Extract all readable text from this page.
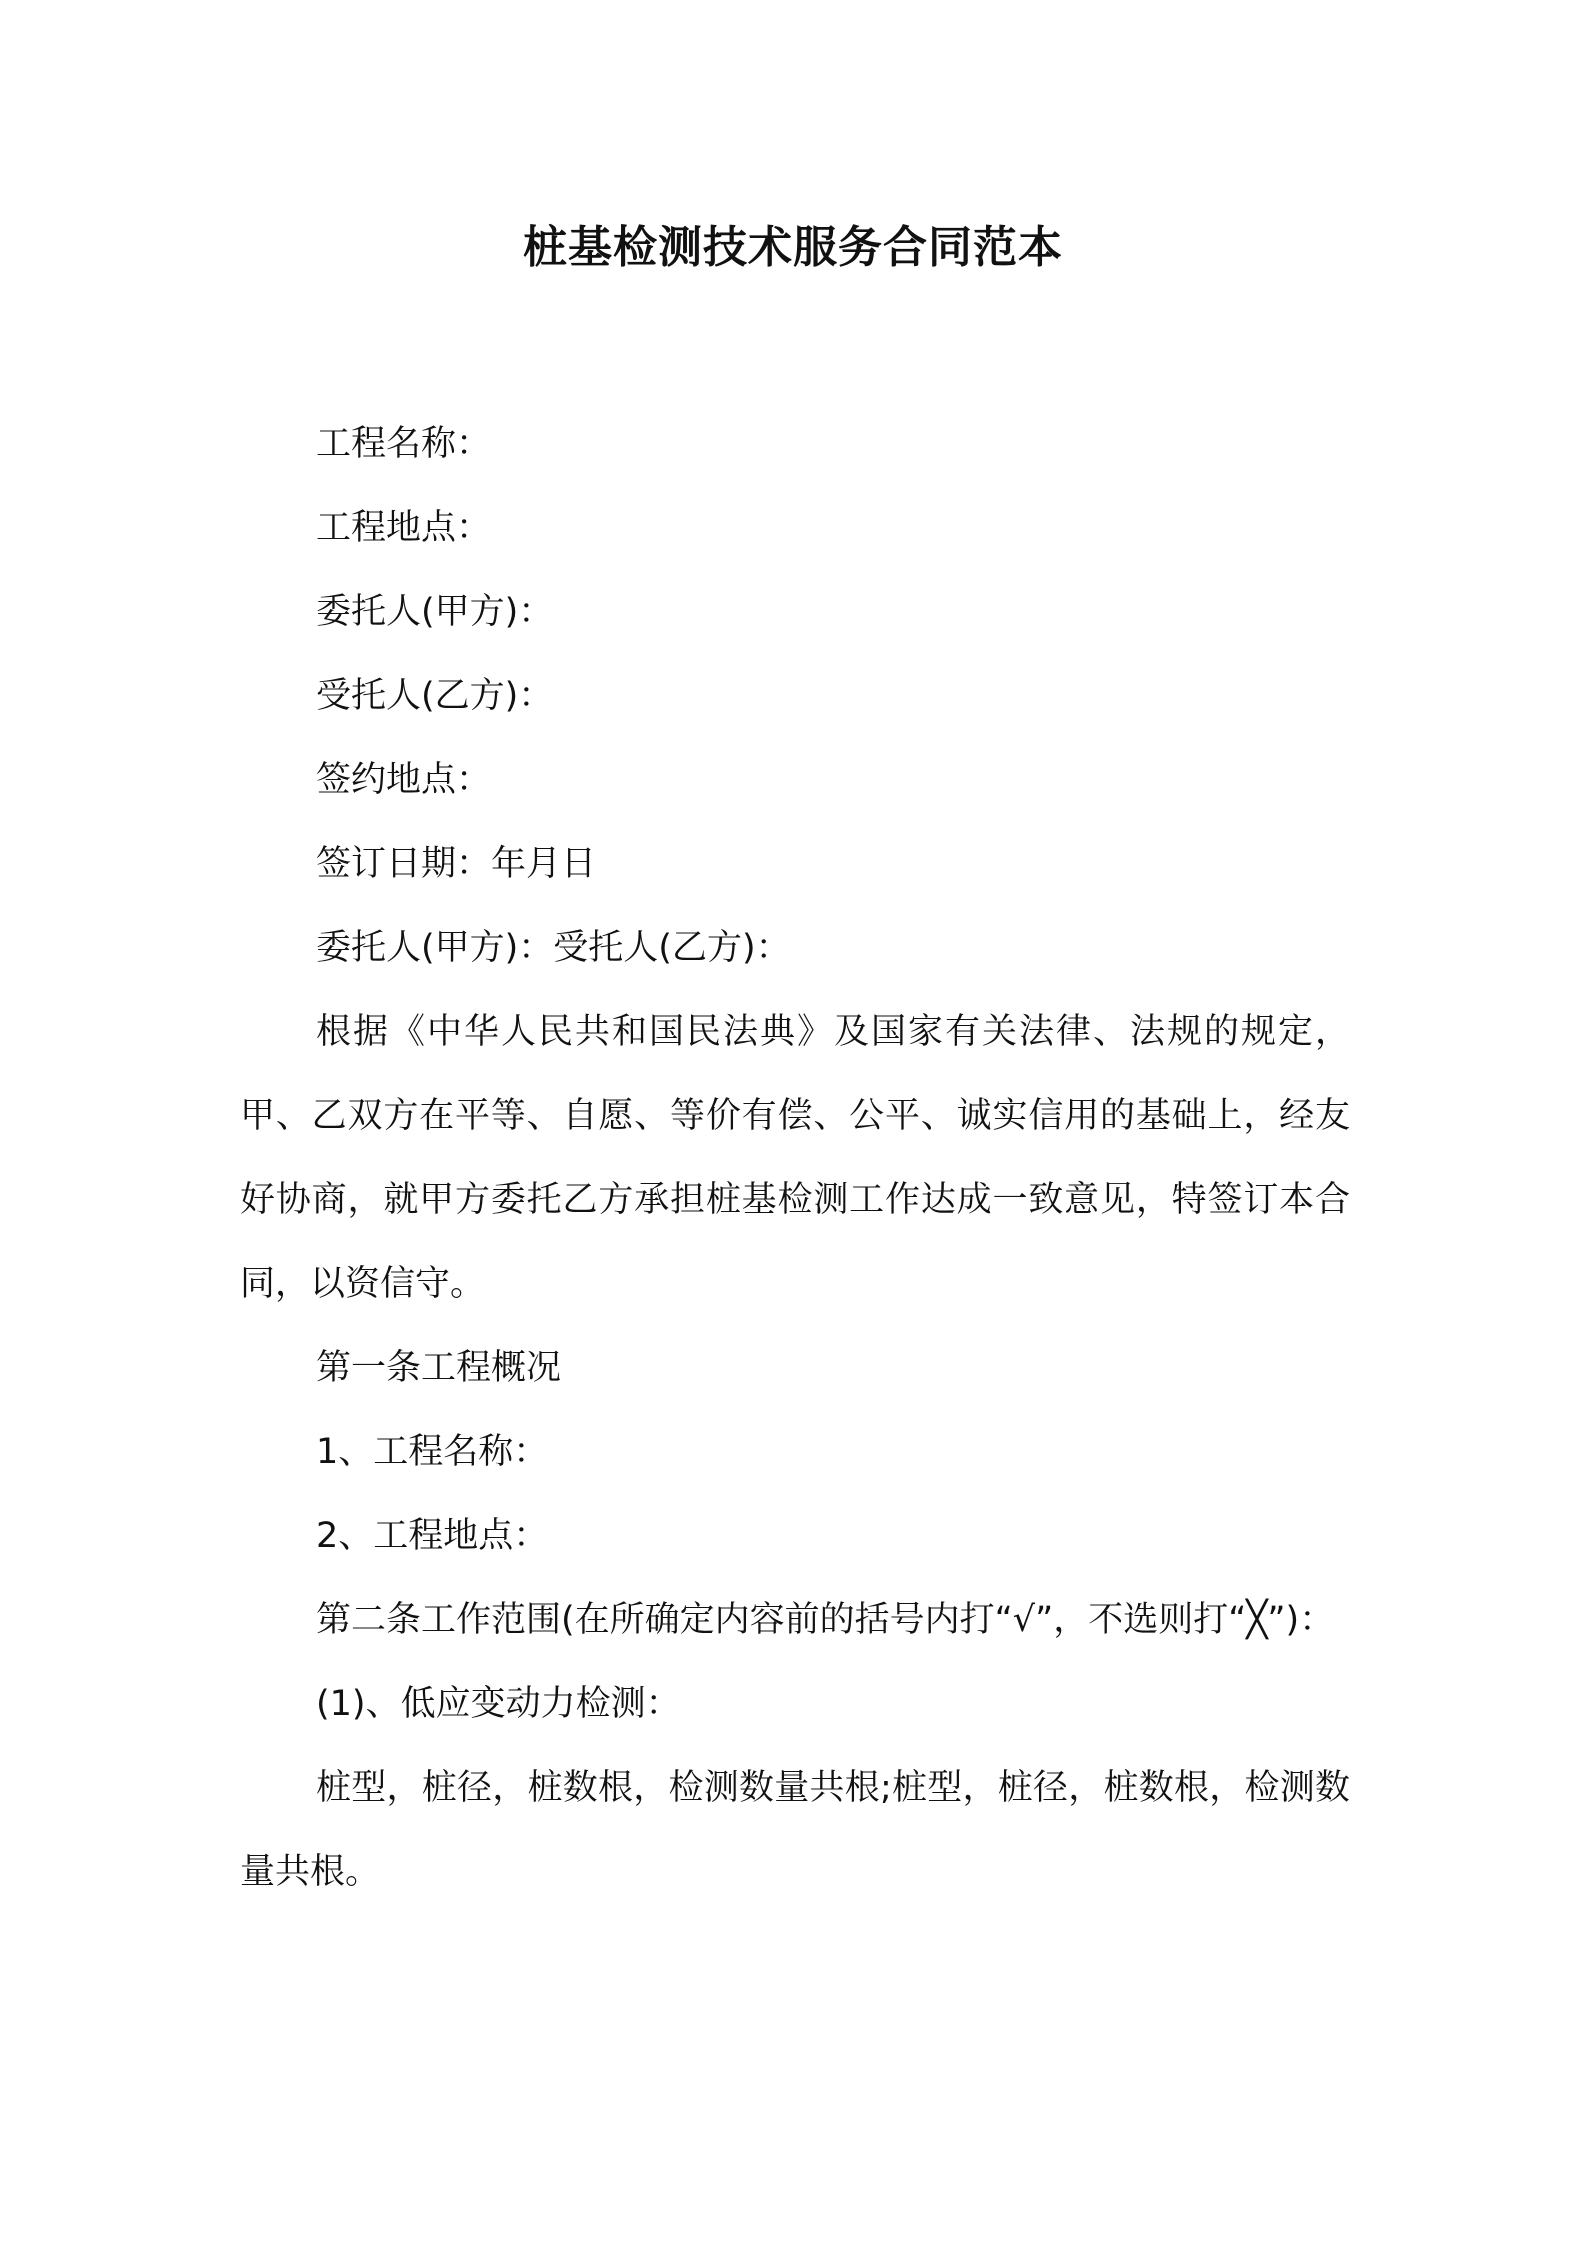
桩基检测技术服务合同范本

工程名称：

工程地点：

委托人(甲方)：

受托人(乙方)：

签约地点：

签订日期：年月日

委托人(甲方)：受托人(乙方)：

根据《中华人民共和国民法典》及国家有关法律、法规的规定，甲、乙双方在平等、自愿、等价有偿、公平、诚实信用的基础上，经友好协商，就甲方委托乙方承担桩基检测工作达成一致意见，特签订本合同，以资信守。

第一条工程概况

1、工程名称：

2、工程地点：

第二条工作范围(在所确定内容前的括号内打“√”，不选则打“╳”)：

(1)、低应变动力检测：

桩型，桩径，桩数根，检测数量共根;桩型，桩径，桩数根，检测数量共根。
